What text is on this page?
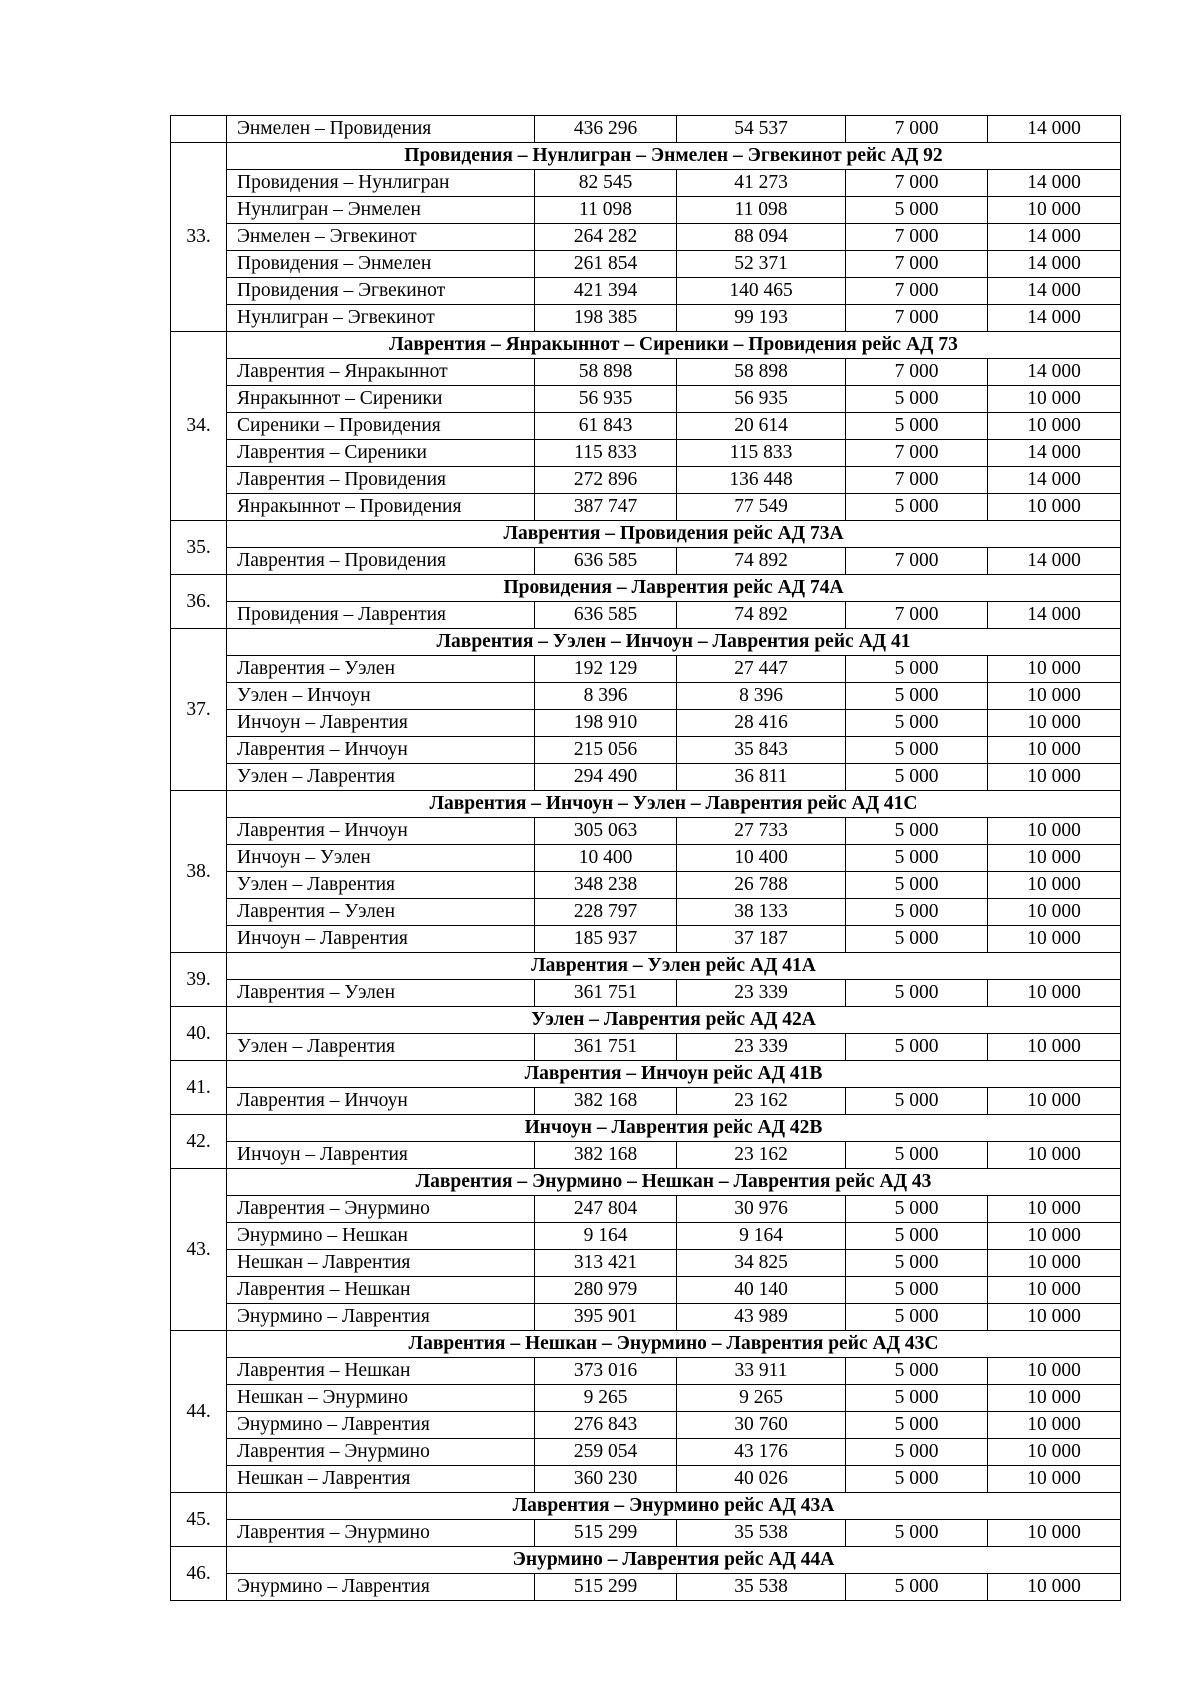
	Энмелен – Провидения	436 296	54 537	7 000	14 000
33.	Провидения – Нунлигран – Энмелен – Эгвекинот рейс АД 92				
	Провидения – Нунлигран	82 545	41 273	7 000	14 000
	Нунлигран – Энмелен	11 098	11 098	5 000	10 000
	Энмелен – Эгвекинот	264 282	88 094	7 000	14 000
	Провидения – Энмелен	261 854	52 371	7 000	14 000
	Провидения – Эгвекинот	421 394	140 465	7 000	14 000
	Нунлигран – Эгвекинот	198 385	99 193	7 000	14 000
34.	Лаврентия – Янракыннот – Сиреники – Провидения рейс АД 73				
	Лаврентия – Янракыннот	58 898	58 898	7 000	14 000
	Янракыннот – Сиреники	56 935	56 935	5 000	10 000
	Сиреники – Провидения	61 843	20 614	5 000	10 000
	Лаврентия – Сиреники	115 833	115 833	7 000	14 000
	Лаврентия – Провидения	272 896	136 448	7 000	14 000
	Янракыннот – Провидения	387 747	77 549	5 000	10 000
35.	Лаврентия – Провидения рейс АД 73А				
	Лаврентия – Провидения	636 585	74 892	7 000	14 000
36.	Провидения – Лаврентия рейс АД 74А				
	Провидения – Лаврентия	636 585	74 892	7 000	14 000
37.	Лаврентия – Уэлен – Инчоун – Лаврентия рейс АД 41				
	Лаврентия – Уэлен	192 129	27 447	5 000	10 000
	Уэлен – Инчоун	8 396	8 396	5 000	10 000
	Инчоун – Лаврентия	198 910	28 416	5 000	10 000
	Лаврентия – Инчоун	215 056	35 843	5 000	10 000
	Уэлен – Лаврентия	294 490	36 811	5 000	10 000
38.	Лаврентия – Инчоун – Уэлен – Лаврентия рейс АД 41С				
	Лаврентия – Инчоун	305 063	27 733	5 000	10 000
	Инчоун – Уэлен	10 400	10 400	5 000	10 000
	Уэлен – Лаврентия	348 238	26 788	5 000	10 000
	Лаврентия – Уэлен	228 797	38 133	5 000	10 000
	Инчоун – Лаврентия	185 937	37 187	5 000	10 000
39.	Лаврентия – Уэлен рейс АД 41А				
	Лаврентия – Уэлен	361 751	23 339	5 000	10 000
40.	Уэлен – Лаврентия рейс АД 42А				
	Уэлен – Лаврентия	361 751	23 339	5 000	10 000
41.	Лаврентия – Инчоун рейс АД 41В				
	Лаврентия – Инчоун	382 168	23 162	5 000	10 000
42.	Инчоун – Лаврентия рейс АД 42В				
	Инчоун – Лаврентия	382 168	23 162	5 000	10 000
43.	Лаврентия – Энурмино – Нешкан – Лаврентия рейс АД 43				
	Лаврентия – Энурмино	247 804	30 976	5 000	10 000
	Энурмино – Нешкан	9 164	9 164	5 000	10 000
	Нешкан – Лаврентия	313 421	34 825	5 000	10 000
	Лаврентия – Нешкан	280 979	40 140	5 000	10 000
	Энурмино – Лаврентия	395 901	43 989	5 000	10 000
44.	Лаврентия – Нешкан – Энурмино – Лаврентия рейс АД 43С				
	Лаврентия – Нешкан	373 016	33 911	5 000	10 000
	Нешкан – Энурмино	9 265	9 265	5 000	10 000
	Энурмино – Лаврентия	276 843	30 760	5 000	10 000
	Лаврентия – Энурмино	259 054	43 176	5 000	10 000
	Нешкан – Лаврентия	360 230	40 026	5 000	10 000
45.	Лаврентия – Энурмино рейс АД 43А				
	Лаврентия – Энурмино	515 299	35 538	5 000	10 000
46.	Энурмино – Лаврентия рейс АД 44А				
	Энурмино – Лаврентия	515 299	35 538	5 000	10 000
